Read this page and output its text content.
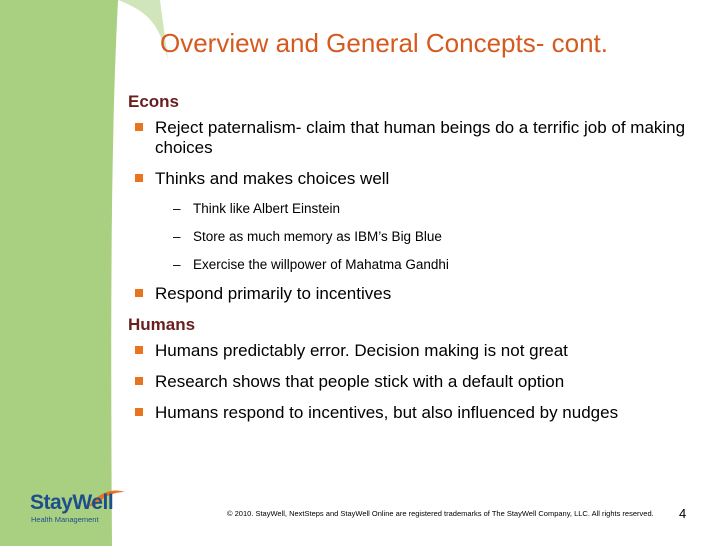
Overview and General Concepts- cont.
Econs
Reject paternalism- claim that human beings do a terrific job of making choices
Thinks and makes choices well
– Think like Albert Einstein
– Store as much memory as IBM’s Big Blue
– Exercise the willpower of Mahatma Gandhi
Respond primarily to incentives
Humans
Humans predictably error. Decision making is not great
Research shows that people stick with a default option
Humans respond to incentives, but also influenced by nudges
StayWell
Health Management
© 2010. StayWell, NextSteps and StayWell Online are registered trademarks of The StayWell Company, LLC. All rights reserved. 4
